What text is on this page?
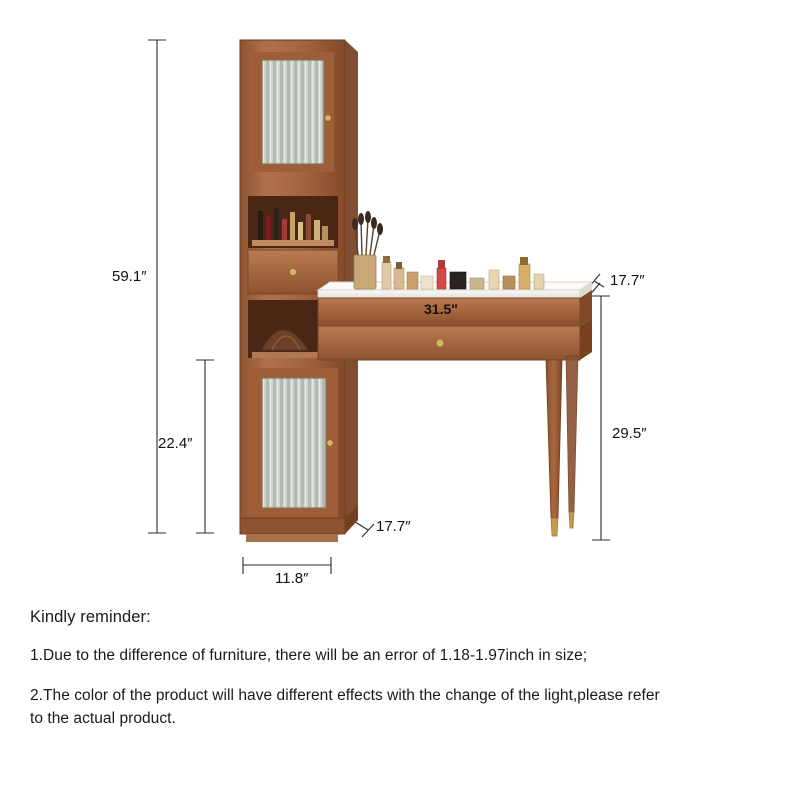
59.1″
22.4″
11.8″
17.7″
17.7″
29.5″
31.5"

Kindly reminder:

1.Due to the difference of furniture, there will be an error of 1.18-1.97inch in size;

2.The color of the product will have different effects with the change of the light,please refer to the actual product.
